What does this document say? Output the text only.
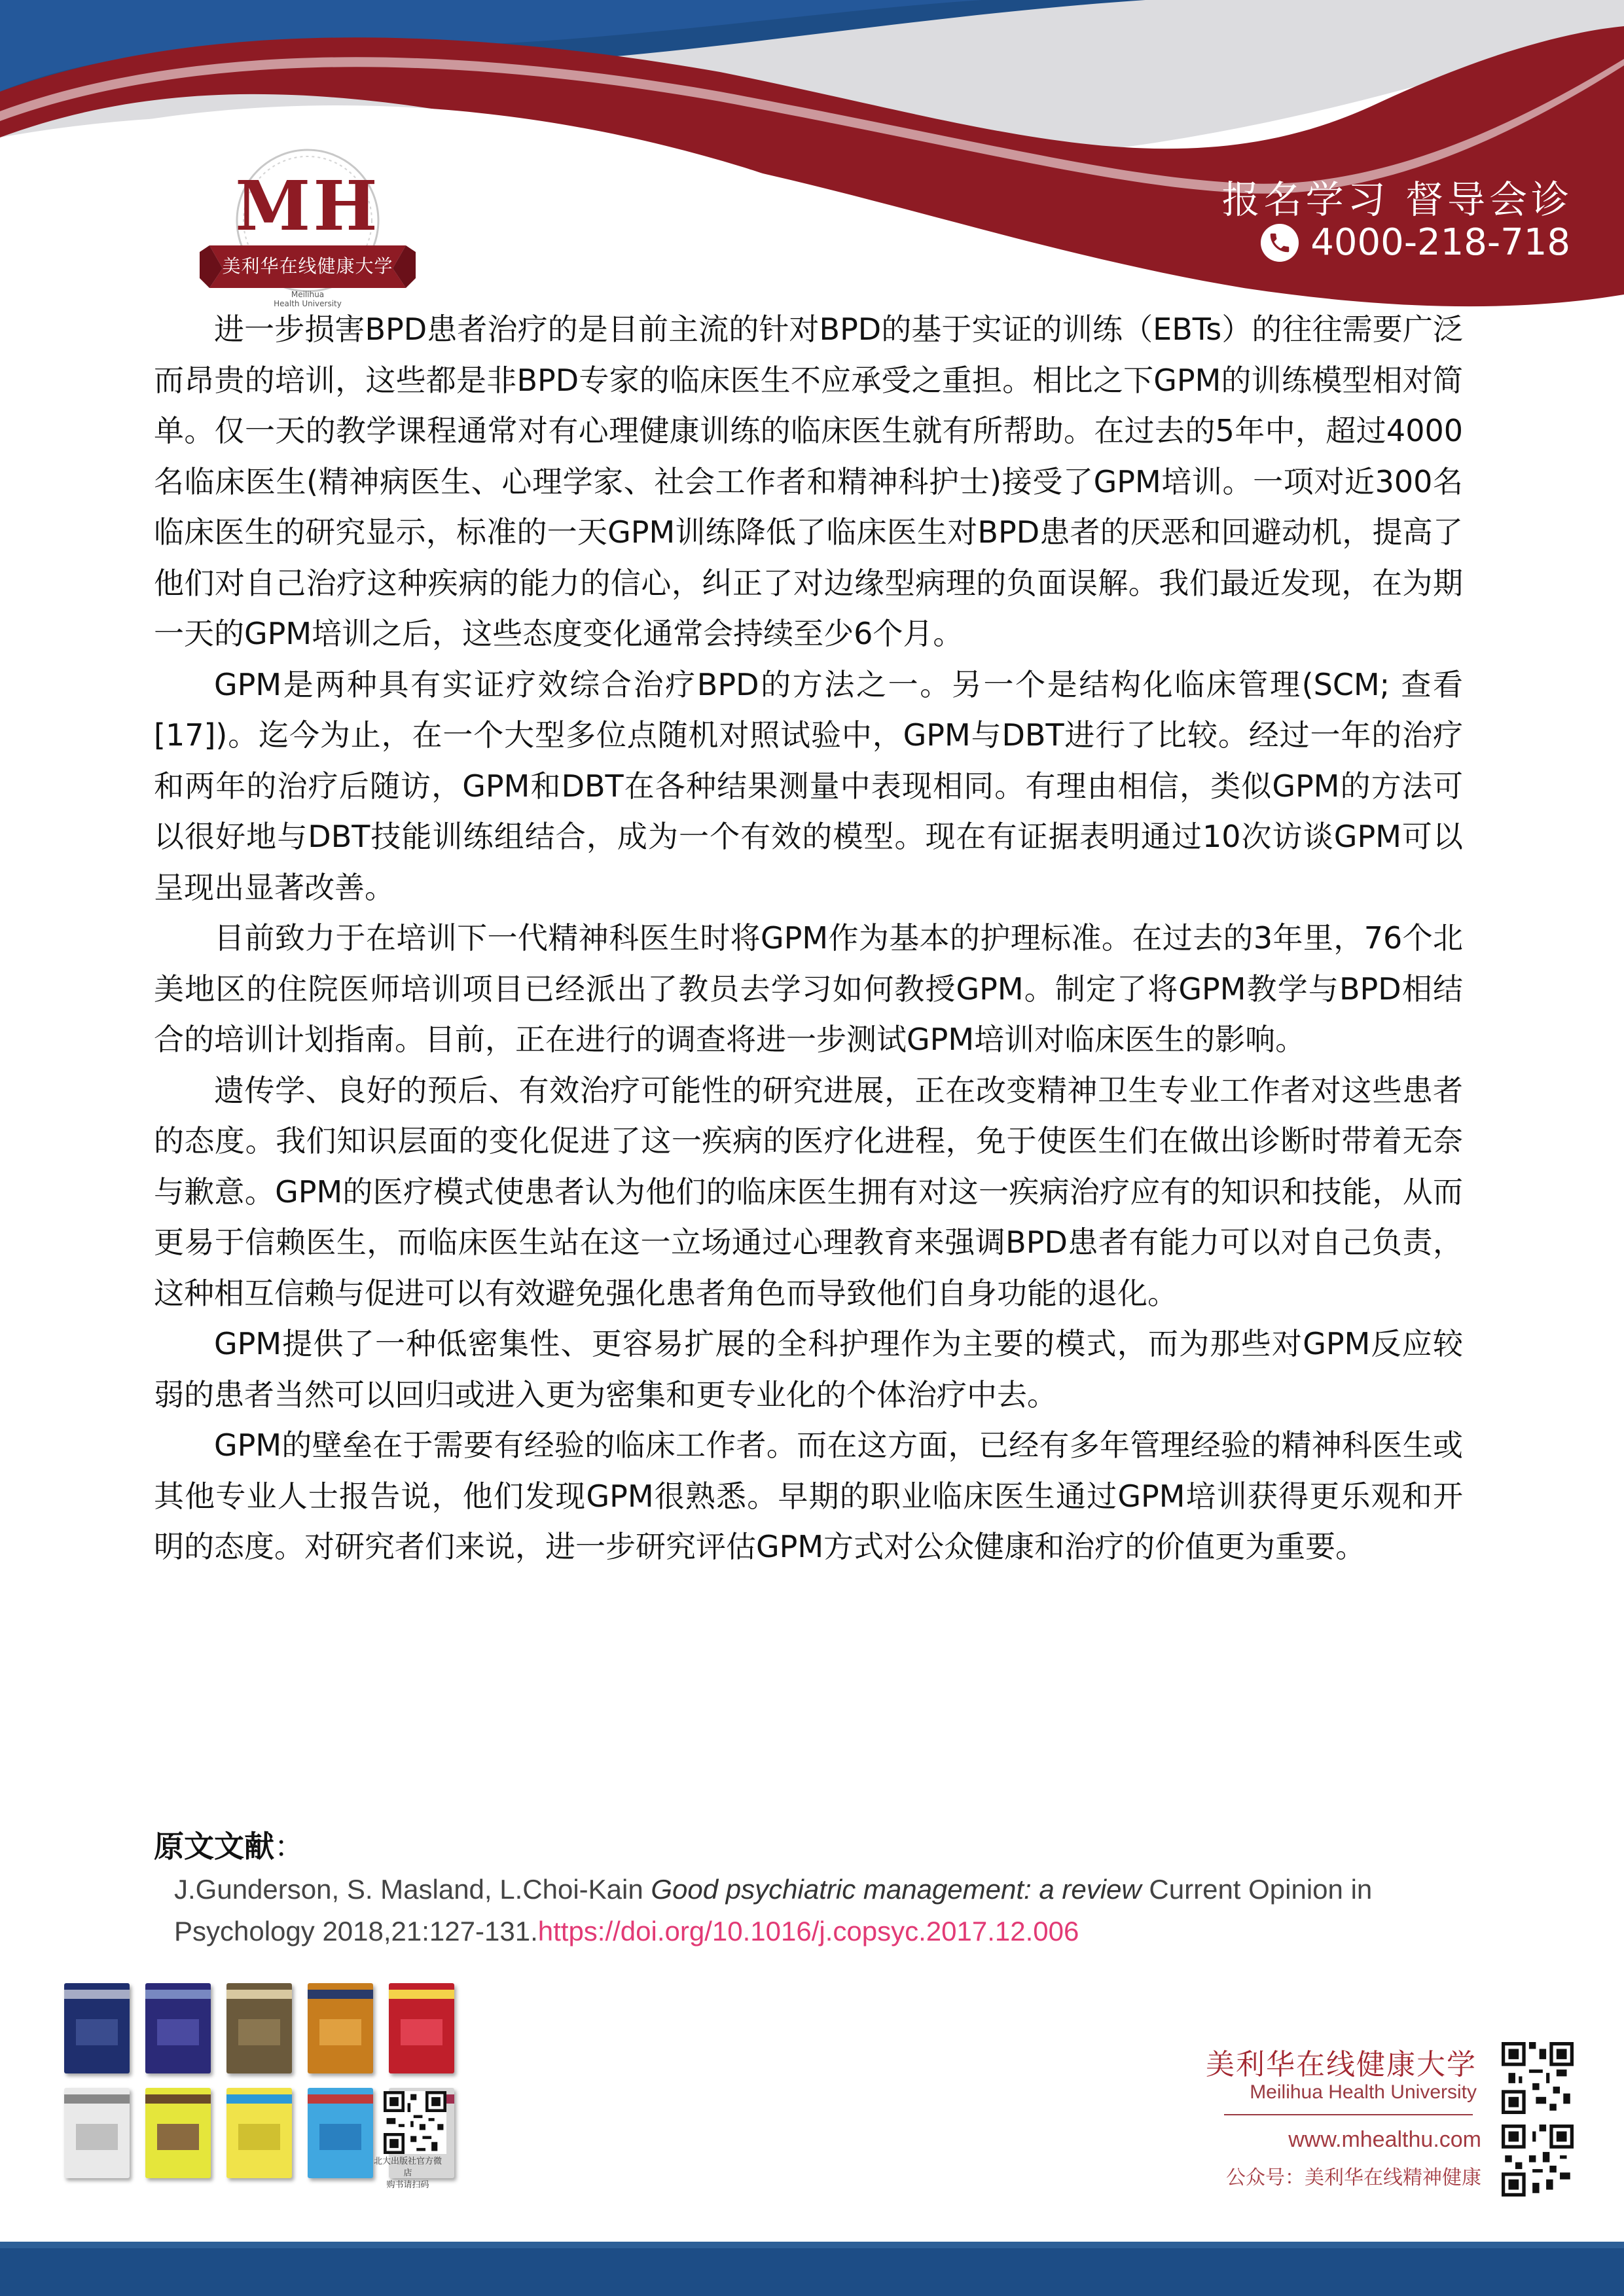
MH
美利华在线健康大学
Meilihua
Health University
报名学习 督导会诊
4000-218-718

进一步损害BPD患者治疗的是目前主流的针对BPD的基于实证的训练（EBTs）的往往需要广泛而昂贵的培训，这些都是非BPD专家的临床医生不应承受之重担。相比之下GPM的训练模型相对简单。仅一天的教学课程通常对有心理健康训练的临床医生就有所帮助。在过去的5年中，超过4000名临床医生(精神病医生、心理学家、社会工作者和精神科护士)接受了GPM培训。一项对近300名临床医生的研究显示，标准的一天GPM训练降低了临床医生对BPD患者的厌恶和回避动机，提高了他们对自己治疗这种疾病的能力的信心，纠正了对边缘型病理的负面误解。我们最近发现，在为期一天的GPM培训之后，这些态度变化通常会持续至少6个月。

GPM是两种具有实证疗效综合治疗BPD的方法之一。另一个是结构化临床管理(SCM; 查看[17])。迄今为止，在一个大型多位点随机对照试验中，GPM与DBT进行了比较。经过一年的治疗和两年的治疗后随访，GPM和DBT在各种结果测量中表现相同。有理由相信，类似GPM的方法可以很好地与DBT技能训练组结合，成为一个有效的模型。现在有证据表明通过10次访谈GPM可以呈现出显著改善。

目前致力于在培训下一代精神科医生时将GPM作为基本的护理标准。在过去的3年里，76个北美地区的住院医师培训项目已经派出了教员去学习如何教授GPM。制定了将GPM教学与BPD相结合的培训计划指南。目前，正在进行的调查将进一步测试GPM培训对临床医生的影响。

遗传学、良好的预后、有效治疗可能性的研究进展，正在改变精神卫生专业工作者对这些患者的态度。我们知识层面的变化促进了这一疾病的医疗化进程，免于使医生们在做出诊断时带着无奈与歉意。GPM的医疗模式使患者认为他们的临床医生拥有对这一疾病治疗应有的知识和技能，从而更易于信赖医生，而临床医生站在这一立场通过心理教育来强调BPD患者有能力可以对自己负责，这种相互信赖与促进可以有效避免强化患者角色而导致他们自身功能的退化。

GPM提供了一种低密集性、更容易扩展的全科护理作为主要的模式，而为那些对GPM反应较弱的患者当然可以回归或进入更为密集和更专业化的个体治疗中去。

GPM的壁垒在于需要有经验的临床工作者。而在这方面，已经有多年管理经验的精神科医生或其他专业人士报告说，他们发现GPM很熟悉。早期的职业临床医生通过GPM培训获得更乐观和开明的态度。对研究者们来说，进一步研究评估GPM方式对公众健康和治疗的价值更为重要。

原文文献：
J.Gunderson, S. Masland, L.Choi-Kain Good psychiatric management: a review Current Opinion in Psychology 2018,21:127-131.https://doi.org/10.1016/j.copsyc.2017.12.006
北大出版社官方微店
购书请扫码
美利华在线健康大学
Meilihua Health University
www.mhealthu.com
公众号：美利华在线精神健康
